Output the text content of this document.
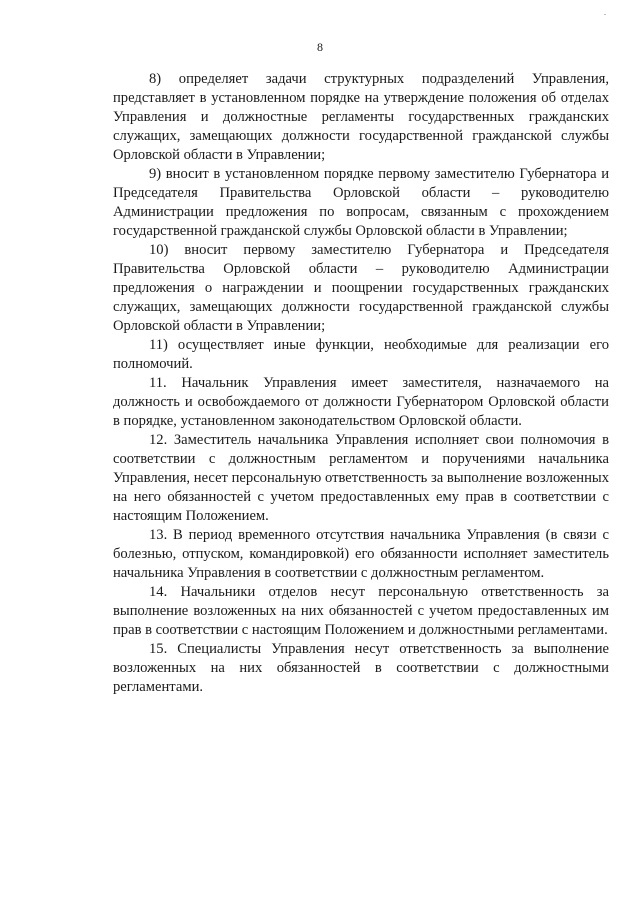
.
8

8) определяет задачи структурных подразделений Управления, представляет в установленном порядке на утверждение положения об отделах Управления и должностные регламенты государственных гражданских служащих, замещающих должности государственной гражданской службы Орловской области в Управлении;

9) вносит в установленном порядке первому заместителю Губернатора и Председателя Правительства Орловской области – руководителю Администрации предложения по вопросам, связанным с прохождением государственной гражданской службы Орловской области в Управлении;

10) вносит первому заместителю Губернатора и Председателя Правительства Орловской области – руководителю Администрации предложения о награждении и поощрении государственных гражданских служащих, замещающих должности государственной гражданской службы Орловской области в Управлении;

11) осуществляет иные функции, необходимые для реализации его полномочий.

11. Начальник Управления имеет заместителя, назначаемого на должность и освобождаемого от должности Губернатором Орловской области в порядке, установленном законодательством Орловской области.

12. Заместитель начальника Управления исполняет свои полномочия в соответствии с должностным регламентом и поручениями начальника Управления, несет персональную ответственность за выполнение возложенных на него обязанностей с учетом предоставленных ему прав в соответствии с настоящим Положением.

13. В период временного отсутствия начальника Управления (в связи с болезнью, отпуском, командировкой) его обязанности исполняет заместитель начальника Управления в соответствии с должностным регламентом.

14. Начальники отделов несут персональную ответственность за выполнение возложенных на них обязанностей с учетом предоставленных им прав в соответствии с настоящим Положением и должностными регламентами.

15. Специалисты Управления несут ответственность за выполнение возложенных на них обязанностей в соответствии с должностными регламентами.
